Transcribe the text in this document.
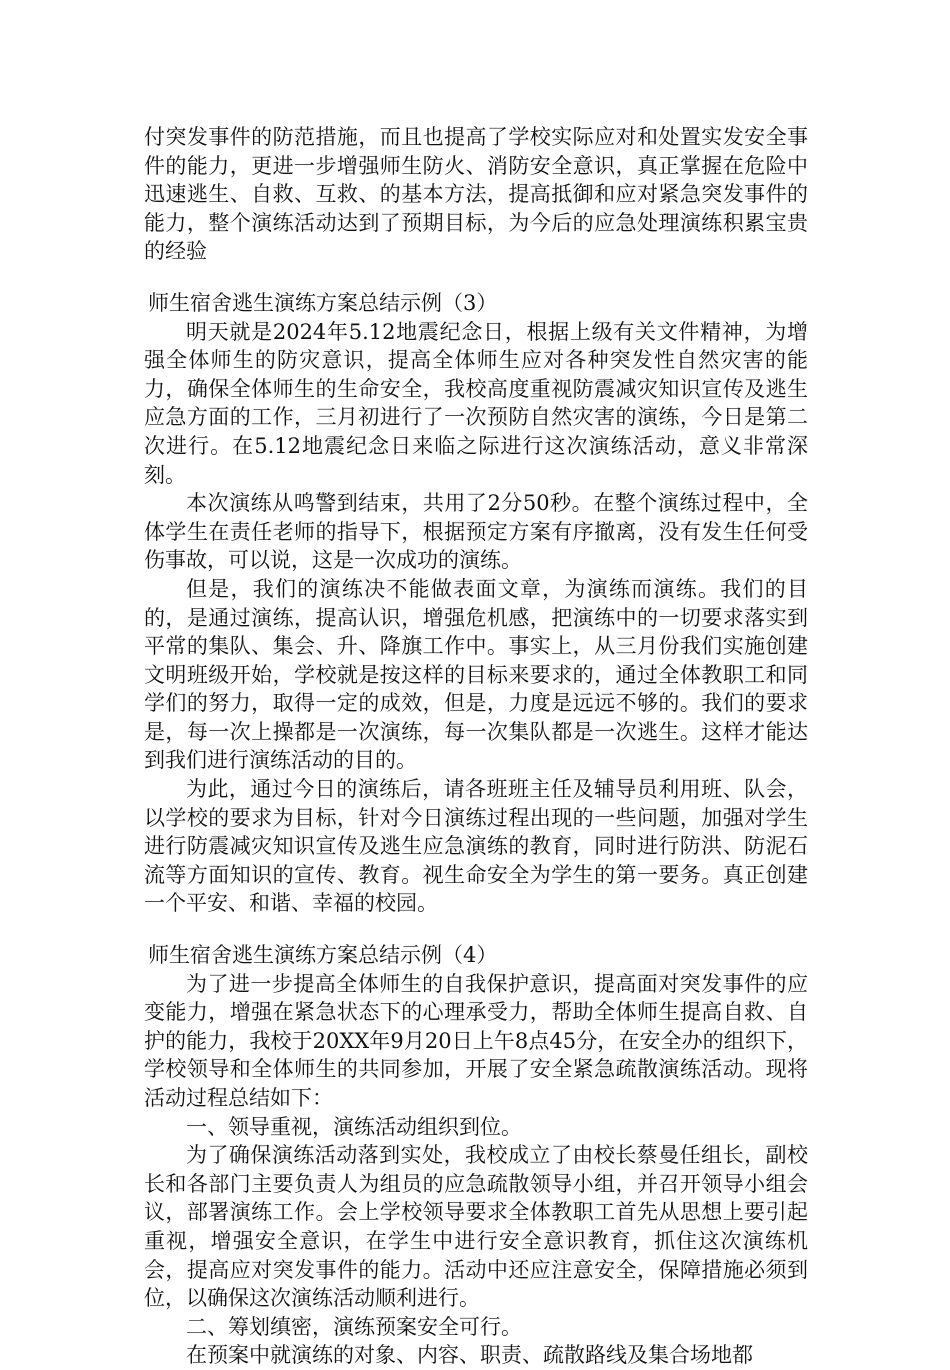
付突发事件的防范措施，而且也提高了学校实际应对和处置实发安全事件的能力，更进一步增强师生防火、消防安全意识，真正掌握在危险中迅速逃生、自救、互救、的基本方法，提高抵御和应对紧急突发事件的能力，整个演练活动达到了预期目标，为今后的应急处理演练积累宝贵的经验

师生宿舍逃生演练方案总结示例（3）

明天就是2024年5.12地震纪念日，根据上级有关文件精神，为增强全体师生的防灾意识，提高全体师生应对各种突发性自然灾害的能力，确保全体师生的生命安全，我校高度重视防震减灾知识宣传及逃生应急方面的工作，三月初进行了一次预防自然灾害的演练，今日是第二次进行。在5.12地震纪念日来临之际进行这次演练活动，意义非常深刻。

本次演练从鸣警到结束，共用了2分50秒。在整个演练过程中，全体学生在责任老师的指导下，根据预定方案有序撤离，没有发生任何受伤事故，可以说，这是一次成功的演练。

但是，我们的演练决不能做表面文章，为演练而演练。我们的目的，是通过演练，提高认识，增强危机感，把演练中的一切要求落实到平常的集队、集会、升、降旗工作中。事实上，从三月份我们实施创建文明班级开始，学校就是按这样的目标来要求的，通过全体教职工和同学们的努力，取得一定的成效，但是，力度是远远不够的。我们的要求是，每一次上操都是一次演练，每一次集队都是一次逃生。这样才能达到我们进行演练活动的目的。

为此，通过今日的演练后，请各班班主任及辅导员利用班、队会，以学校的要求为目标，针对今日演练过程出现的一些问题，加强对学生进行防震减灾知识宣传及逃生应急演练的教育，同时进行防洪、防泥石流等方面知识的宣传、教育。视生命安全为学生的第一要务。真正创建一个平安、和谐、幸福的校园。

师生宿舍逃生演练方案总结示例（4）

为了进一步提高全体师生的自我保护意识，提高面对突发事件的应变能力，增强在紧急状态下的心理承受力，帮助全体师生提高自救、自护的能力，我校于20XX年9月20日上午8点45分，在安全办的组织下，学校领导和全体师生的共同参加，开展了安全紧急疏散演练活动。现将活动过程总结如下：

一、领导重视，演练活动组织到位。

为了确保演练活动落到实处，我校成立了由校长蔡曼任组长，副校长和各部门主要负责人为组员的应急疏散领导小组，并召开领导小组会议，部署演练工作。会上学校领导要求全体教职工首先从思想上要引起重视，增强安全意识，在学生中进行安全意识教育，抓住这次演练机会，提高应对突发事件的能力。活动中还应注意安全，保障措施必须到位，以确保这次演练活动顺利进行。

二、筹划缜密，演练预案安全可行。

在预案中就演练的对象、内容、职责、疏散路线及集合场地都
